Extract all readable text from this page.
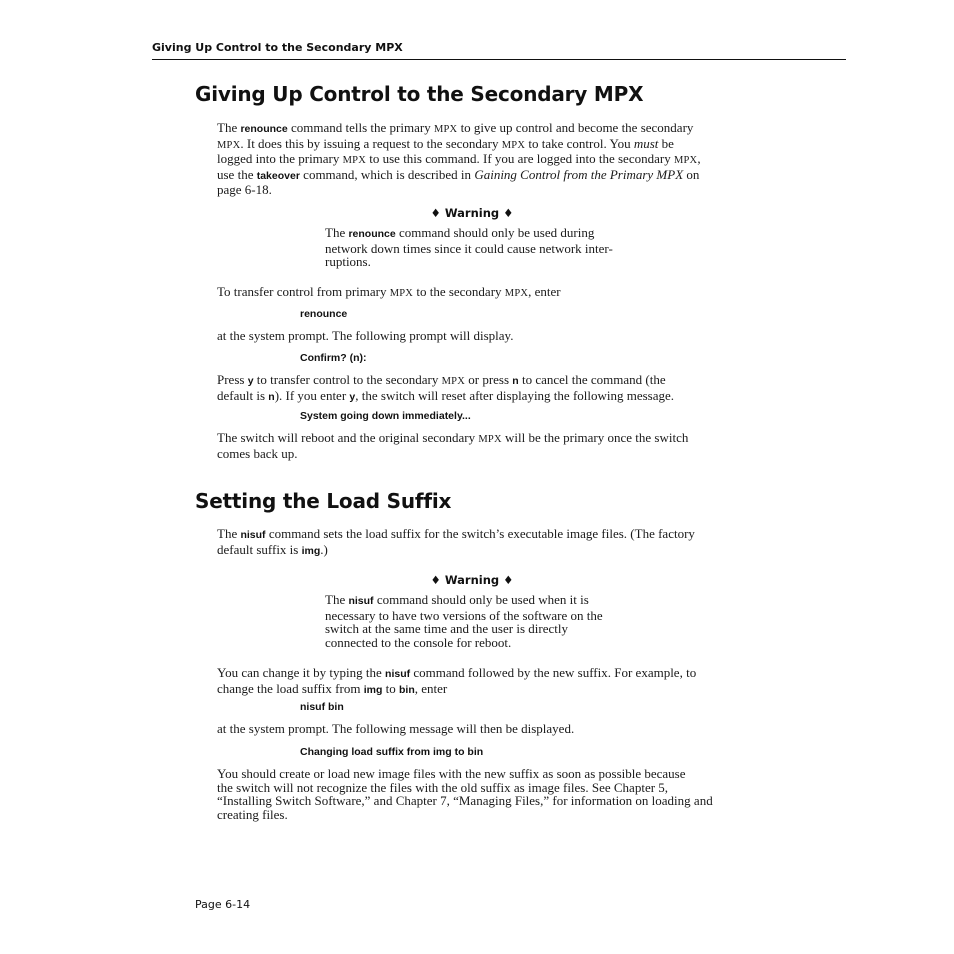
Giving Up Control to the Secondary MPX
Giving Up Control to the Secondary MPX
The renounce command tells the primary MPX to give up control and become the secondary
MPX. It does this by issuing a request to the secondary MPX to take control. You must be
logged into the primary MPX to use this command. If you are logged into the secondary MPX,
use the takeover command, which is described in Gaining Control from the Primary MPX on
page 6-18.
♦ Warning ♦
The renounce command should only be used during
network down times since it could cause network inter-
ruptions.
To transfer control from primary MPX to the secondary MPX, enter
renounce
at the system prompt. The following prompt will display.
Confirm? (n):
Press y to transfer control to the secondary MPX or press n to cancel the command (the
default is n). If you enter y, the switch will reset after displaying the following message.
System going down immediately...
The switch will reboot and the original secondary MPX will be the primary once the switch
comes back up.
Setting the Load Suffix
The nisuf command sets the load suffix for the switch’s executable image files. (The factory
default suffix is img.)
♦ Warning ♦
The nisuf command should only be used when it is
necessary to have two versions of the software on the
switch at the same time and the user is directly
connected to the console for reboot.
You can change it by typing the nisuf command followed by the new suffix. For example, to
change the load suffix from img to bin, enter
nisuf bin
at the system prompt. The following message will then be displayed.
Changing load suffix from img to bin
You should create or load new image files with the new suffix as soon as possible because
the switch will not recognize the files with the old suffix as image files. See Chapter 5,
“Installing Switch Software,” and Chapter 7, “Managing Files,” for information on loading and
creating files.
Page 6-14
